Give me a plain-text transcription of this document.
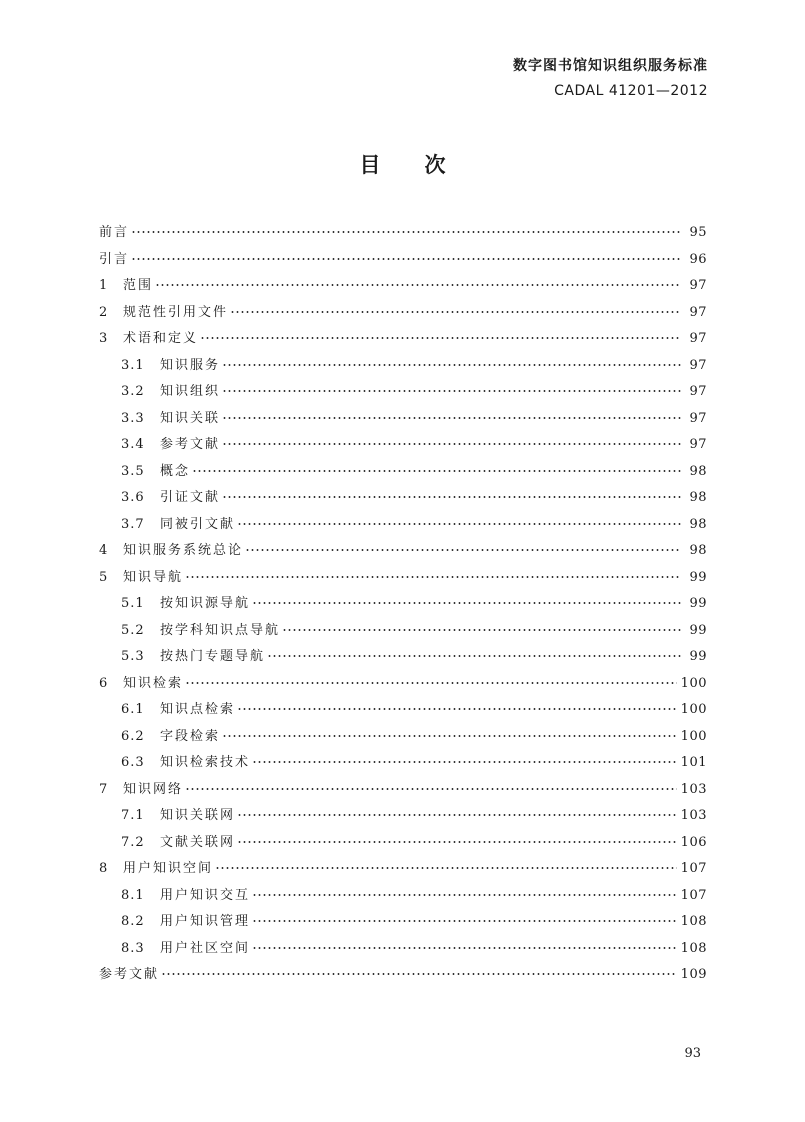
数字图书馆知识组织服务标准
CADAL 41201—2012
目次
前言	95
引言	96
1	范围	97
2	规范性引用文件	97
3	术语和定义	97
3.1	知识服务	97
3.2	知识组织	97
3.3	知识关联	97
3.4	参考文献	97
3.5	概念	98
3.6	引证文献	98
3.7	同被引文献	98
4	知识服务系统总论	98
5	知识导航	99
5.1	按知识源导航	99
5.2	按学科知识点导航	99
5.3	按热门专题导航	99
6	知识检索	100
6.1	知识点检索	100
6.2	字段检索	100
6.3	知识检索技术	101
7	知识网络	103
7.1	知识关联网	103
7.2	文献关联网	106
8	用户知识空间	107
8.1	用户知识交互	107
8.2	用户知识管理	108
8.3	用户社区空间	108
参考文献	109
93
